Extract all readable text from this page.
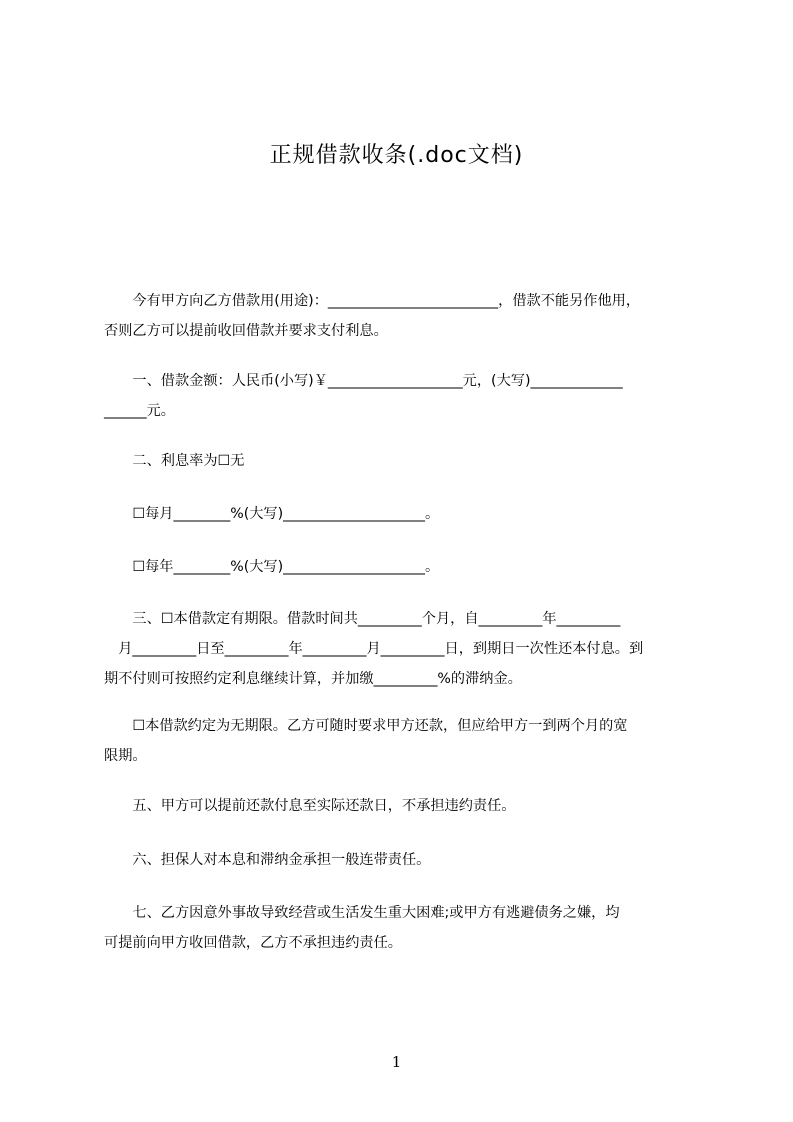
正规借款收条(.doc文档)
　　今有甲方向乙方借款用(用途)：________________________，借款不能另作他用，
否则乙方可以提前收回借款并要求支付利息。
　　一、借款金额：人民币(小写)￥___________________元，(大写)_____________
______元。
　　二、利息率为☐无
　　☐每月________%(大写)____________________。
　　☐每年________%(大写)____________________。
　　三、☐本借款定有期限。借款时间共_________个月，自_________年_________
　月_________日至_________年_________月_________日，到期日一次性还本付息。到
期不付则可按照约定利息继续计算，并加缴_________%的滞纳金。
　　☐本借款约定为无期限。乙方可随时要求甲方还款，但应给甲方一到两个月的宽
限期。
　　五、甲方可以提前还款付息至实际还款日，不承担违约责任。
　　六、担保人对本息和滞纳金承担一般连带责任。
　　七、乙方因意外事故导致经营或生活发生重大困难;或甲方有逃避债务之嫌，均
可提前向甲方收回借款，乙方不承担违约责任。
1
